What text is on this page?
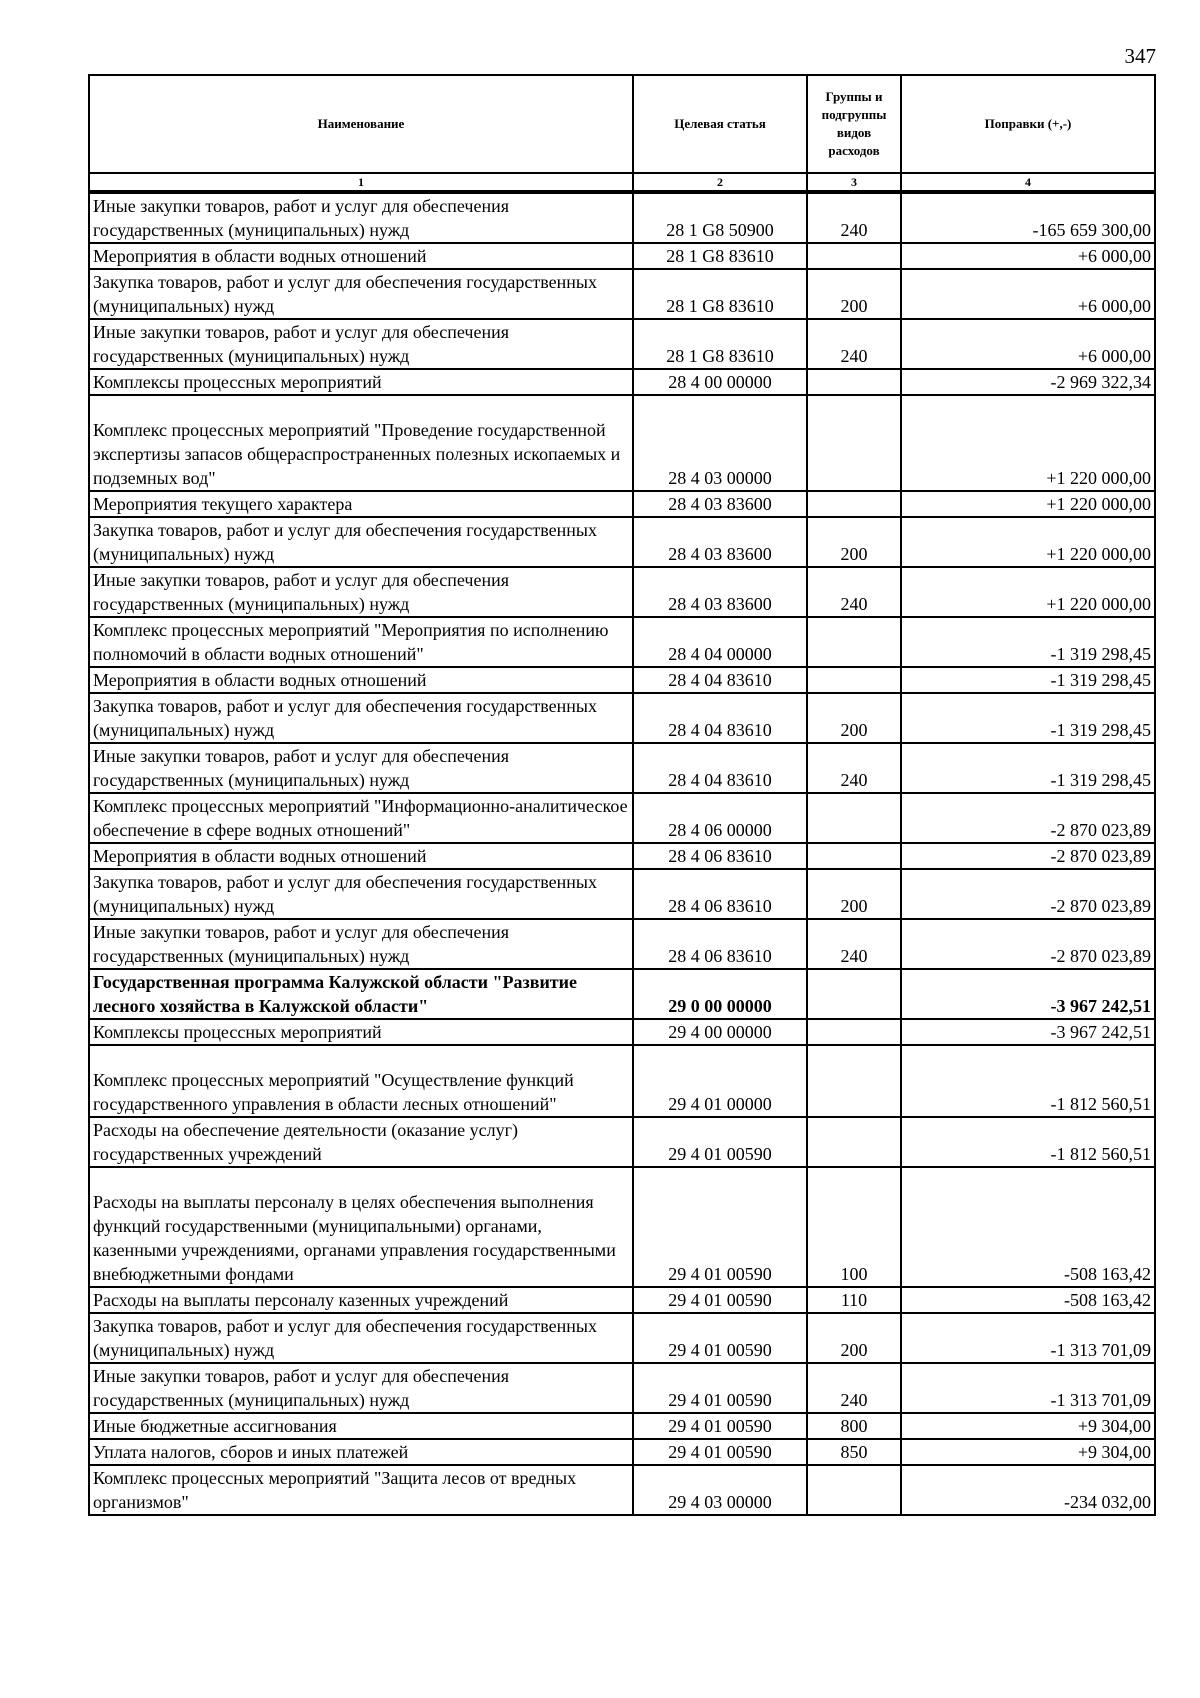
347
Наименование	Целевая статья	Группы и подгруппы видов расходов	Поправки (+,-)
1	2	3	4
Иные закупки товаров, работ и услуг для обеспечения государственных (муниципальных) нужд	28 1 G8 50900	240	-165 659 300,00
Мероприятия в области водных отношений	28 1 G8 83610		+6 000,00
Закупка товаров, работ и услуг для обеспечения государственных (муниципальных) нужд	28 1 G8 83610	200	+6 000,00
Иные закупки товаров, работ и услуг для обеспечения государственных (муниципальных) нужд	28 1 G8 83610	240	+6 000,00
Комплексы процессных мероприятий	28 4 00 00000		-2 969 322,34
Комплекс процессных мероприятий "Проведение государственной экспертизы запасов общераспространенных полезных ископаемых и подземных вод"	28 4 03 00000		+1 220 000,00
Мероприятия текущего характера	28 4 03 83600		+1 220 000,00
Закупка товаров, работ и услуг для обеспечения государственных (муниципальных) нужд	28 4 03 83600	200	+1 220 000,00
Иные закупки товаров, работ и услуг для обеспечения государственных (муниципальных) нужд	28 4 03 83600	240	+1 220 000,00
Комплекс процессных мероприятий "Мероприятия по исполнению полномочий в области водных отношений"	28 4 04 00000		-1 319 298,45
Мероприятия в области водных отношений	28 4 04 83610		-1 319 298,45
Закупка товаров, работ и услуг для обеспечения государственных (муниципальных) нужд	28 4 04 83610	200	-1 319 298,45
Иные закупки товаров, работ и услуг для обеспечения государственных (муниципальных) нужд	28 4 04 83610	240	-1 319 298,45
Комплекс процессных мероприятий "Информационно-аналитическое обеспечение в сфере водных отношений"	28 4 06 00000		-2 870 023,89
Мероприятия в области водных отношений	28 4 06 83610		-2 870 023,89
Закупка товаров, работ и услуг для обеспечения государственных (муниципальных) нужд	28 4 06 83610	200	-2 870 023,89
Иные закупки товаров, работ и услуг для обеспечения государственных (муниципальных) нужд	28 4 06 83610	240	-2 870 023,89
Государственная программа Калужской области "Развитие лесного хозяйства в Калужской области"	29 0 00 00000		-3 967 242,51
Комплексы процессных мероприятий	29 4 00 00000		-3 967 242,51
Комплекс процессных мероприятий "Осуществление функций государственного управления в области лесных отношений"	29 4 01 00000		-1 812 560,51
Расходы на обеспечение деятельности (оказание услуг) государственных учреждений	29 4 01 00590		-1 812 560,51
Расходы на выплаты персоналу в целях обеспечения выполнения функций государственными (муниципальными) органами, казенными учреждениями, органами управления государственными внебюджетными фондами	29 4 01 00590	100	-508 163,42
Расходы на выплаты персоналу казенных учреждений	29 4 01 00590	110	-508 163,42
Закупка товаров, работ и услуг для обеспечения государственных (муниципальных) нужд	29 4 01 00590	200	-1 313 701,09
Иные закупки товаров, работ и услуг для обеспечения государственных (муниципальных) нужд	29 4 01 00590	240	-1 313 701,09
Иные бюджетные ассигнования	29 4 01 00590	800	+9 304,00
Уплата налогов, сборов и иных платежей	29 4 01 00590	850	+9 304,00
Комплекс процессных мероприятий "Защита лесов от вредных организмов"	29 4 03 00000		-234 032,00
